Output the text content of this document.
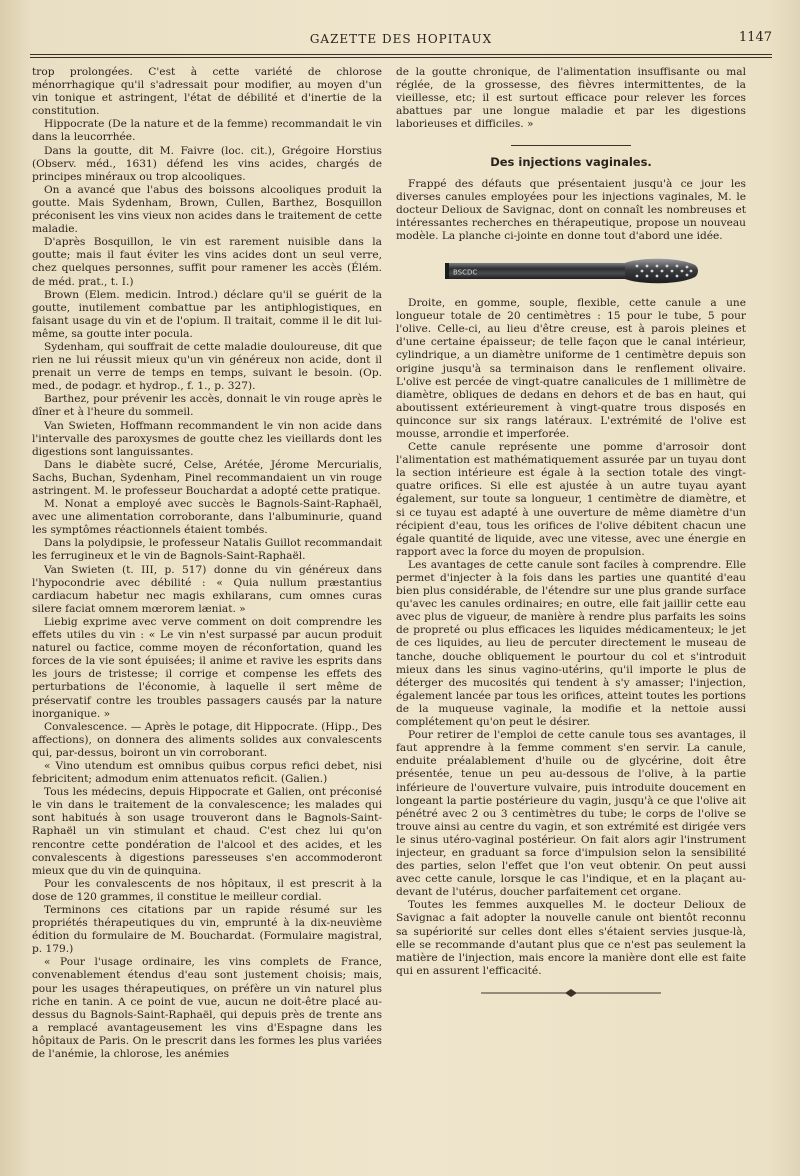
GAZETTE DES HOPITAUX	1147

trop prolongées. C'est à cette variété de chlorose ménorrhagique qu'il s'adressait pour modifier, au moyen d'un vin tonique et astringent, l'état de débilité et d'inertie de la constitution.

Hippocrate (De la nature et de la femme) recommandait le vin dans la leucorrhée.

Dans la goutte, dit M. Faivre (loc. cit.), Grégoire Horstius (Observ. méd., 1631) défend les vins acides, chargés de principes minéraux ou trop alcooliques.

On a avancé que l'abus des boissons alcooliques produit la goutte. Mais Sydenham, Brown, Cullen, Barthez, Bosquillon préconisent les vins vieux non acides dans le traitement de cette maladie.

D'après Bosquillon, le vin est rarement nuisible dans la goutte; mais il faut éviter les vins acides dont un seul verre, chez quelques personnes, suffit pour ramener les accès (Élém. de méd. prat., t. I.)

Brown (Elem. medicin. Introd.) déclare qu'il se guérit de la goutte, inutilement combattue par les antiphlogistiques, en faisant usage du vin et de l'opium. Il traitait, comme il le dit lui-même, sa goutte inter pocula.

Sydenham, qui souffrait de cette maladie douloureuse, dit que rien ne lui réussit mieux qu'un vin généreux non acide, dont il prenait un verre de temps en temps, suivant le besoin. (Op. med., de podagr. et hydrop., f. 1., p. 327).

Barthez, pour prévenir les accès, donnait le vin rouge après le dîner et à l'heure du sommeil.

Van Swieten, Hoffmann recommandent le vin non acide dans l'intervalle des paroxysmes de goutte chez les vieillards dont les digestions sont languissantes.

Dans le diabète sucré, Celse, Arétée, Jérome Mercurialis, Sachs, Buchan, Sydenham, Pinel recommandaient un vin rouge astringent. M. le professeur Bouchardat a adopté cette pratique.

M. Nonat a employé avec succès le Bagnols-Saint-Raphaël, avec une alimentation corroborante, dans l'albuminurie, quand les symptômes réactionnels étaient tombés.

Dans la polydipsie, le professeur Natalis Guillot recommandait les ferrugineux et le vin de Bagnols-Saint-Raphaël.

Van Swieten (t. III, p. 517) donne du vin généreux dans l'hypocondrie avec débilité : « Quia nullum præstantius cardiacum habetur nec magis exhilarans, cum omnes curas silere faciat omnem mœrorem læniat. »

Liebig exprime avec verve comment on doit comprendre les effets utiles du vin : « Le vin n'est surpassé par aucun produit naturel ou factice, comme moyen de réconfortation, quand les forces de la vie sont épuisées; il anime et ravive les esprits dans les jours de tristesse; il corrige et compense les effets des perturbations de l'économie, à laquelle il sert même de préservatif contre les troubles passagers causés par la nature inorganique. »

Convalescence. — Après le potage, dit Hippocrate. (Hipp., Des affections), on donnera des aliments solides aux convalescents qui, par-dessus, boiront un vin corroborant.

« Vino utendum est omnibus quibus corpus refici debet, nisi febricitent; admodum enim attenuatos reficit. (Galien.)

Tous les médecins, depuis Hippocrate et Galien, ont préconisé le vin dans le traitement de la convalescence; les malades qui sont habitués à son usage trouveront dans le Bagnols-Saint-Raphaël un vin stimulant et chaud. C'est chez lui qu'on rencontre cette pondération de l'alcool et des acides, et les convalescents à digestions paresseuses s'en accommoderont mieux que du vin de quinquina.

Pour les convalescents de nos hôpitaux, il est prescrit à la dose de 120 grammes, il constitue le meilleur cordial.

Terminons ces citations par un rapide résumé sur les propriétés thérapeutiques du vin, emprunté à la dix-neuvième édition du formulaire de M. Bouchardat. (Formulaire magistral, p. 179.)

« Pour l'usage ordinaire, les vins complets de France, convenablement étendus d'eau sont justement choisis; mais, pour les usages thérapeutiques, on préfère un vin naturel plus riche en tanin. A ce point de vue, aucun ne doit-être placé au-dessus du Bagnols-Saint-Raphaël, qui depuis près de trente ans a remplacé avantageusement les vins d'Espagne dans les hôpitaux de Paris. On le prescrit dans les formes les plus variées de l'anémie, la chlorose, les anémies

de la goutte chronique, de l'alimentation insuffisante ou mal réglée, de la grossesse, des fièvres intermittentes, de la vieillesse, etc; il est surtout efficace pour relever les forces abattues par une longue maladie et par les digestions laborieuses et difficiles. »

Des injections vaginales.

Frappé des défauts que présentaient jusqu'à ce jour les diverses canules employées pour les injections vaginales, M. le docteur Delioux de Savignac, dont on connaît les nombreuses et intéressantes recherches en thérapeutique, propose un nouveau modèle. La planche ci-jointe en donne tout d'abord une idée.

BSCDC

Droite, en gomme, souple, flexible, cette canule a une longueur totale de 20 centimètres : 15 pour le tube, 5 pour l'olive. Celle-ci, au lieu d'être creuse, est à parois pleines et d'une certaine épaisseur; de telle façon que le canal intérieur, cylindrique, a un diamètre uniforme de 1 centimètre depuis son origine jusqu'à sa terminaison dans le renflement olivaire. L'olive est percée de vingt-quatre canalicules de 1 millimètre de diamètre, obliques de dedans en dehors et de bas en haut, qui aboutissent extérieurement à vingt-quatre trous disposés en quinconce sur six rangs latéraux. L'extrémité de l'olive est mousse, arrondie et imperforée.

Cette canule représente une pomme d'arrosoir dont l'alimentation est mathématiquement assurée par un tuyau dont la section intérieure est égale à la section totale des vingt-quatre orifices. Si elle est ajustée à un autre tuyau ayant également, sur toute sa longueur, 1 centimètre de diamètre, et si ce tuyau est adapté à une ouverture de même diamètre d'un récipient d'eau, tous les orifices de l'olive débitent chacun une égale quantité de liquide, avec une vitesse, avec une énergie en rapport avec la force du moyen de propulsion.

Les avantages de cette canule sont faciles à comprendre. Elle permet d'injecter à la fois dans les parties une quantité d'eau bien plus considérable, de l'étendre sur une plus grande surface qu'avec les canules ordinaires; en outre, elle fait jaillir cette eau avec plus de vigueur, de manière à rendre plus parfaits les soins de propreté ou plus efficaces les liquides médicamenteux; le jet de ces liquides, au lieu de percuter directement le museau de tanche, douche obliquement le pourtour du col et s'introduit mieux dans les sinus vagino-utérins, qu'il importe le plus de déterger des mucosités qui tendent à s'y amasser; l'injection, également lancée par tous les orifices, atteint toutes les portions de la muqueuse vaginale, la modifie et la nettoie aussi complétement qu'on peut le désirer.

Pour retirer de l'emploi de cette canule tous ses avantages, il faut apprendre à la femme comment s'en servir. La canule, enduite préalablement d'huile ou de glycérine, doit être présentée, tenue un peu au-dessous de l'olive, à la partie inférieure de l'ouverture vulvaire, puis introduite doucement en longeant la partie postérieure du vagin, jusqu'à ce que l'olive ait pénétré avec 2 ou 3 centimètres du tube; le corps de l'olive se trouve ainsi au centre du vagin, et son extrémité est dirigée vers le sinus utéro-vaginal postérieur. On fait alors agir l'instrument injecteur, en graduant sa force d'impulsion selon la sensibilité des parties, selon l'effet que l'on veut obtenir. On peut aussi avec cette canule, lorsque le cas l'indique, et en la plaçant au-devant de l'utérus, doucher parfaitement cet organe.

Toutes les femmes auxquelles M. le docteur Delioux de Savignac a fait adopter la nouvelle canule ont bientôt reconnu sa supériorité sur celles dont elles s'étaient servies jusque-là, elle se recommande d'autant plus que ce n'est pas seulement la matière de l'injection, mais encore la manière dont elle est faite qui en assurent l'efficacité.
